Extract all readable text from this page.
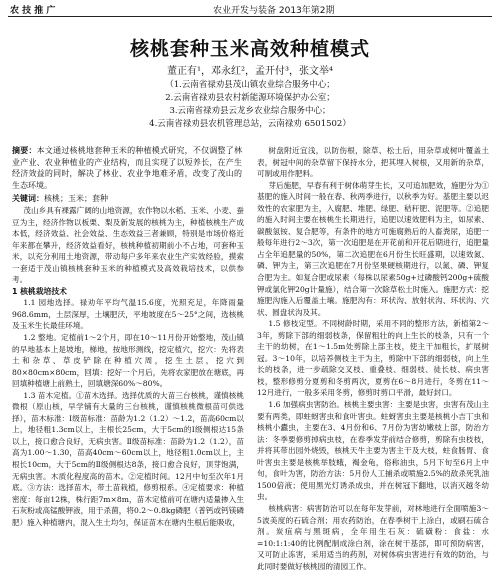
农 技 推 广	农业开发与装备 2013年第2期
核桃套种玉米高效种植模式
董正有¹，邓永红²，孟开付³，张文举⁴
（1.云南省禄劝县茂山镇农业综合服务中心；
2.云南省禄劝县农村新能源环境保护办公室；
3.云南省禄劝县云龙乡农业综合服务中心；
4.云南省禄劝县农机管理总站，云南禄劝 6501502）
摘要：本文通过核桃地套种玉米的种植模式研究，不仅调整了林业产业、农业种植业的产业结构，而且实现了以短养长，在产生经济效益的同时，解决了林业、农业争地难矛盾，改变了茂山的生态环境。
关键词：核桃；玉米；套种

茂山乡具有裸露广阔的山地资源，农作物以水稻、玉米、小麦、蚕豆为主，经济作物以板栗、梨及新发展的核桃为主，种植核桃生产成本低，经济效益、社会效益、生态效益三者兼顾，特别是市场价格近年来都在攀升，经济效益看好，核桃种植初期前小不占地，可套种玉米，以充分利用土地资源，带动每户多年来农业生产实效经验，摸索一套适于茂山镇核桃套种玉米的种植模式及高效栽培技术，以供参考。

1 核桃栽培技术

1.1 园地选择。禄劝年平均气温15.6度，光照充足，年降雨量968.6mm，土层深厚，土壤肥沃，平地坡度在5～25°之间，选核桃及玉米生长最佳环境。

1.2 整地。定植前1～2个月，即在10～11月份开始整地，茂山镇的早地基本上是坡地，梯地，按地形测线，挖定植穴，挖穴：先将表土和杂草、草皮铲除在种植穴周，挖生土层，挖穴到80×80cm×80cm，回填：挖好一个月后，先将农家肥放在塘底，再回填种植塘上前熟土，回填塘深60%～80%。

1.3 苗木定植。①苗木选择。选择优质的大苗三台核桃，谨慎核桃微根（原山核，早学铺有大量的三台核桃，谨慎核桃微根苗可供选择），苗木标准：Ⅰ级苗标准：苗龄为1.2（1.2）～1.2，苗高60cm以上，地径粗1.3cm以上，主根长25cm，大于5cm的Ⅰ级侧根达15条以上，接口愈合良好，无病虫害。Ⅱ级苗标准：苗龄为1.2（1.2），苗高为1.00～1.30，苗高40cm～60cm以上，地径粗1.0cm以上，主根长10cm，大于5cm的Ⅱ级侧根达8条，接口愈合良好，顶芽饱满，无病虫害。木质化程度高的苗木。②定植时间。12月中旬至次年1月底。③方法：选择苗木，带土苗栽植，修剪根系。④定植要求：种植密度：每亩12株，株行距7m×8m，苗木定植前可在塘内适量掺入生石灰粉或高锰酸钾液，用于杀菌，将0.2～0.8kg磷肥（普钙或钙镁磷肥）施入种植塘内，混入生土均匀，保证苗木在塘内生根后能吸收，

树盘附近宜浅，以防伤根，除草、松土后，用杂草或树叶覆盖土表，树冠中间的杂草留下保持水分，把其埋入树根，又用新的杂草，可制或用作肥料。

芽后施肥，早春有利于树体萌芽生长，又可追加肥效，施肥分为①基肥的施入时间一般在春、秋两季进行，以秋季为好。基肥主要以迟效性的农家肥为主，入腐肥、堆肥、绿肥、秸秆肥、泥肥等。②追肥的施入时间主要在核桃生长期进行，追肥以速效肥料为主，如尿素、碳酸氢铵、复合肥等，有条件的地方可施腐熟后的人畜粪尿，追肥一般每年进行2～3次，第一次追肥是在开花前和开花后期进行，追肥量占全年追肥量的50%，第二次追肥在6月份生长旺盛期，以速效氮、磷、钾为主，第三次追肥在7月份坚果硬核期进行，以氮、磷、钾复合肥为主。如复合肥或尿素（每株以尿素50g+过磷酸钙200g+硫酸钾或氯化钾20g计量施），结合第一次除草松土时施入。施肥方式：挖施肥沟施入后覆盖土壤。施肥沟有：环状沟、放射状沟、环状沟、穴状、圆盘状沟及其。

1.5 修枝定型。不同树龄时期，采用不同的整形方法，新植第2～3年，剪除下部的细弱枝条，保留粗壮的向上生长的枝条，只有一个主干的幼树，在1～1.5m处剪除上部主枝，使主干加粗长，扩展树冠。3～10年，以培养侧枝主干为主，剪除中下部的细弱枝，向上生长的枝条，进一步疏除交叉枝、重叠枝、细弱枝、徒长枝、病虫害枝，整形修剪分夏剪和冬剪两次，夏剪在6～8月进行，冬剪在11～12月进行，一般多采用冬剪，修剪时剪口平滑，最好封口。

1.6 加强病虫害防治。核桃主要虫害：主要是虫害，虫害有茂山主要有两类，即蛀蚜害虫和食叶害虫。蛀蚜害虫主要是核桃小吉丁虫和核桃小蠹虫，主要在3、4月份和6、7月份为害幼嫩枝上部，防治方法：冬季要修剪掉病虫枝，在春季发芽前结合修剪，剪除有虫枝枝，并将其带出园外烧毁，核桃天牛主要为害主干及大枝，蛀食肠胃、食叶害虫主要是核桃举肢蛾，褐金龟，俗称油虫，5月下旬至6月上中旬，食叶为害，防治方法：5月份人工捕杀或喷施2.5%的敌杀死乳油1500倍液；使用黑光灯诱杀成虫，并在树冠下翻地，以消灭越冬幼虫。

核桃病害：病害防治可以在每年发芽前，对林地进行全面喷施3～5波美度的石硫合剂；用农药防治，在春季树干上涂白，或刷石硫合剂。炭疽病与黑斑病，全年用生石灰：硫磺粉：食盐：水=10:1:1:40的比例配制成涂白剂，涂在树干基部，即可预防病害，又可防止冻害，采用适当的药剂，对树体病虫害进行有效的防治，与此同时要做好核桃园的清园工作。
